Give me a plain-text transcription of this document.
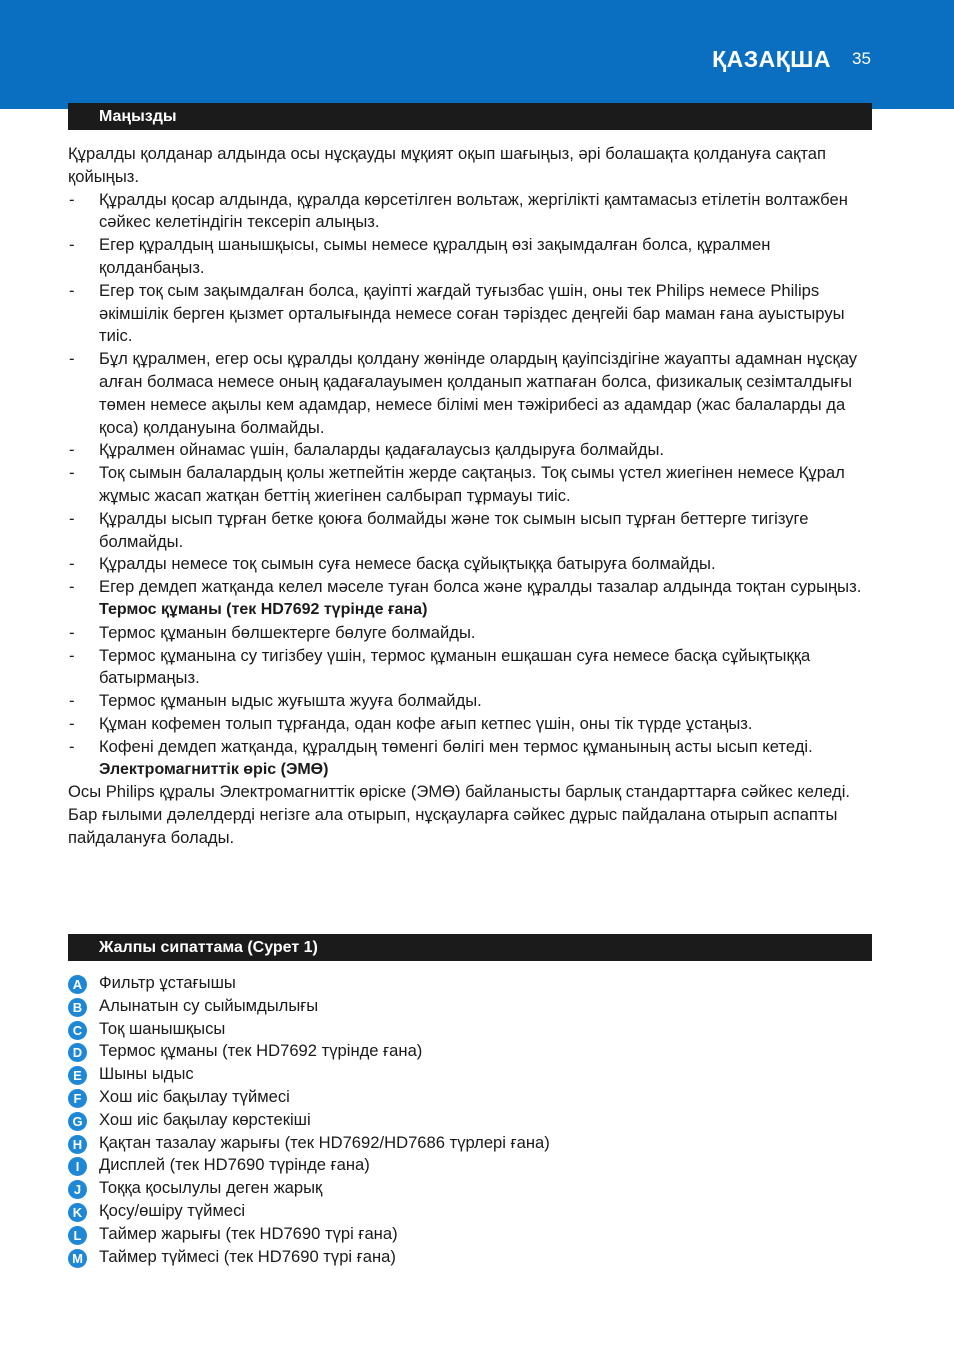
ҚАЗАҚША 35
Маңызды

Құралды қолданар алдында осы нұсқауды мұқият оқып шағыңыз, әрі болашақта қолдануға сақтап қойыңыз.

- Құралды қосар алдында, құралда көрсетілген вольтаж, жергілікті қамтамасыз етілетін волтажбен сәйкес келетіндігін тексеріп алыңыз.
- Егер құралдың шанышқысы, сымы немесе құралдың өзі зақымдалған болса, құралмен қолданбаңыз.
- Егер тоқ сым зақымдалған болса, қауіпті жағдай туғызбас үшін, оны тек Philips немесе Philips әкімшілік берген қызмет орталығында немесе соған тәріздес деңгейі бар маман ғана ауыстыруы тиіс.
- Бұл құралмен, егер осы құралды қолдану жөнінде олардың қауіпсіздігіне жауапты адамнан нұсқау алған болмаса немесе оның қадағалауымен қолданып жатпаған болса, физикалық сезімталдығы төмен немесе ақылы кем адамдар, немесе білімі мен тәжірибесі аз адамдар (жас балаларды да қоса) қолдануына болмайды.
- Құралмен ойнамас үшін, балаларды қадағалаусыз қалдыруға болмайды.
- Тоқ сымын балалардың қолы жетпейтін жерде сақтаңыз. Тоқ сымы үстел жиегінен немесе Құрал жұмыс жасап жатқан беттің жиегінен салбырап тұрмауы тиіс.
- Құралды ысып тұрған бетке қоюға болмайды және ток сымын ысып тұрған беттерге тигізуге болмайды.
- Құралды немесе тоқ сымын суға немесе басқа сұйықтыққа батыруға болмайды.
- Егер демдеп жатқанда келел мәселе туған болса және құралды тазалар алдында тоқтан сурыңыз.

Термос құманы (тек HD7692 түрінде ғана)

- Термос құманын бөлшектерге бөлуге болмайды.
- Термос құманына су тигізбеу үшін, термос құманын ешқашан суға немесе басқа сұйықтыққа батырмаңыз.
- Термос құманын ыдыс жуғышта жууға болмайды.
- Құман кофемен толып тұрғанда, одан кофе ағып кетпес үшін, оны тік түрде ұстаңыз.
- Кофені демдеп жатқанда, құралдың төменгі бөлігі мен термос құманының асты ысып кетеді.

Электромагниттік өріс (ЭМӨ)

Осы Philips құралы Электромагниттік өріске (ЭМӨ) байланысты барлық стандарттарға сәйкес келеді. Бар ғылыми дәлелдерді негізге ала отырып, нұсқауларға сәйкес дұрыс пайдалана отырып аспапты пайдалануға болады.

Жалпы сипаттама (Сурет 1)
A Фильтр ұстағышы
B Алынатын су сыйымдылығы
C Тоқ шанышқысы
D Термос құманы (тек HD7692 түрінде ғана)
E	Шыны ыдыс
F	Хош иіс бақылау түймесі
G Хош иіс бақылау көрстекіші
H Қақтан тазалау жарығы (тек HD7692/HD7686 түрлері ғана)
I	Дисплей (тек HD7690 түрінде ғана)
J	Тоққа қосылулы деген жарық
K Қосу/өшіру түймесі
L	Таймер жарығы (тек HD7690 түрі ғана)
M Таймер түймесі (тек HD7690 түрі ғана)
